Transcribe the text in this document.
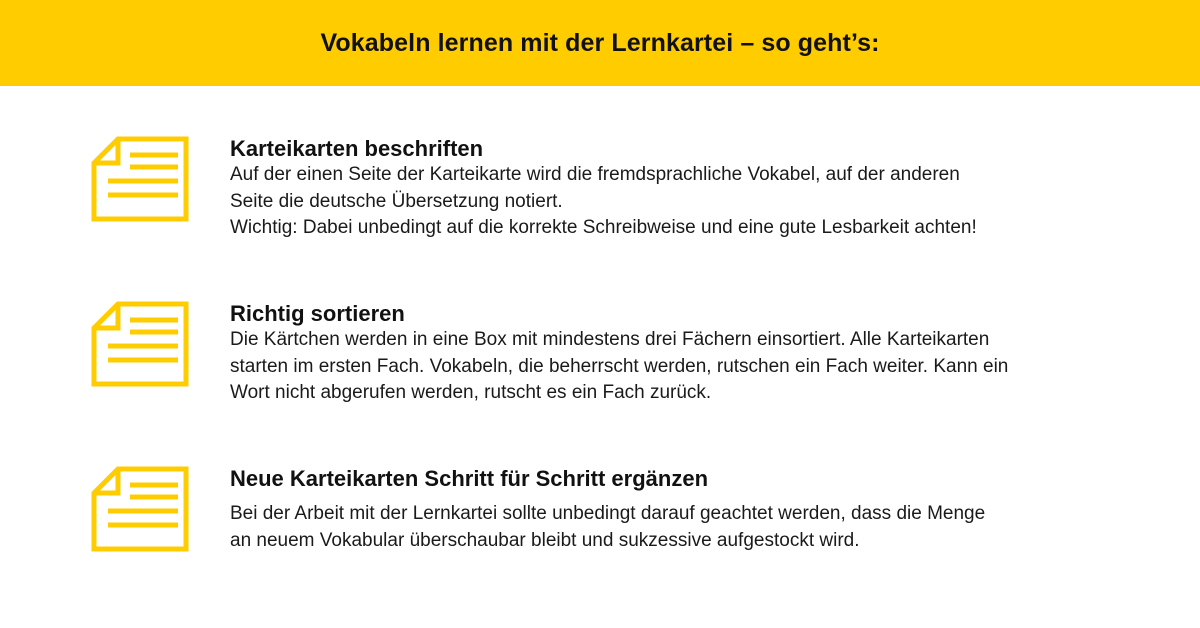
Vokabeln lernen mit der Lernkartei – so geht’s:
Karteikarten beschriften

Auf der einen Seite der Karteikarte wird die fremdsprachliche Vokabel, auf der anderen

Seite die deutsche Übersetzung notiert.

Wichtig: Dabei unbedingt auf die korrekte Schreibweise und eine gute Lesbarkeit achten!

Richtig sortieren

Die Kärtchen werden in eine Box mit mindestens drei Fächern einsortiert. Alle Karteikarten

starten im ersten Fach. Vokabeln, die beherrscht werden, rutschen ein Fach weiter. Kann ein

Wort nicht abgerufen werden, rutscht es ein Fach zurück.

Neue Karteikarten Schritt für Schritt ergänzen

Bei der Arbeit mit der Lernkartei sollte unbedingt darauf geachtet werden, dass die Menge

an neuem Vokabular überschaubar bleibt und sukzessive aufgestockt wird.
